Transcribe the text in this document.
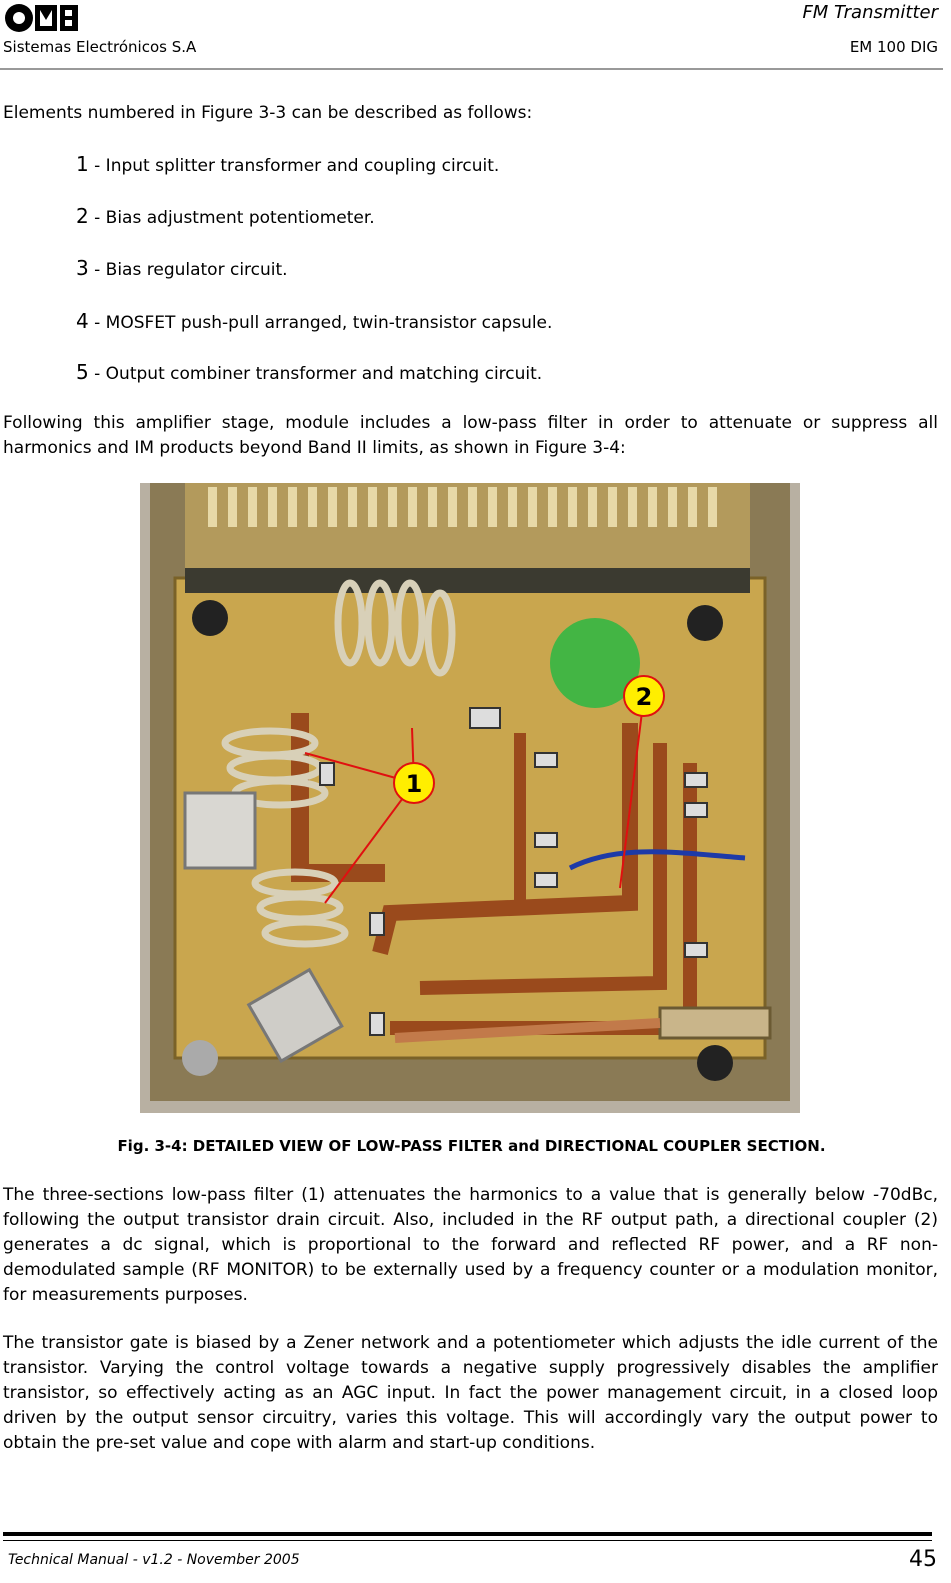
Sistemas Electrónicos S.A
FM Transmitter
EM 100 DIG
Elements numbered in Figure 3-3 can be described as follows:
1 - Input splitter transformer and coupling circuit.
2 - Bias adjustment potentiometer.
3 - Bias regulator circuit.
4 - MOSFET push-pull arranged, twin-transistor capsule.
5 - Output combiner transformer and matching circuit.
Following this amplifier stage, module includes a low-pass filter in order to attenuate or suppress all harmonics and IM products beyond Band II limits, as shown in Figure 3-4:
1
2
Fig. 3-4: DETAILED VIEW OF LOW-PASS FILTER and DIRECTIONAL COUPLER SECTION.
The three-sections low-pass filter (1) attenuates the harmonics to a value that is generally below -70dBc, following the output transistor drain circuit. Also, included in the RF output path, a directional coupler (2) generates a dc signal, which is proportional to the forward and reflected RF power, and a RF non-demodulated sample (RF MONITOR) to be externally used by a frequency counter or a modulation monitor, for measurements purposes.
The transistor gate is biased by a Zener network and a potentiometer which adjusts the idle current of the transistor. Varying the control voltage towards a negative supply progressively disables the amplifier transistor, so effectively acting as an AGC input. In fact the power management circuit, in a closed loop driven by the output sensor circuitry, varies this voltage. This will accordingly vary the output power to obtain the pre-set value and cope with alarm and start-up conditions.
Technical Manual - v1.2 - November 2005	45
